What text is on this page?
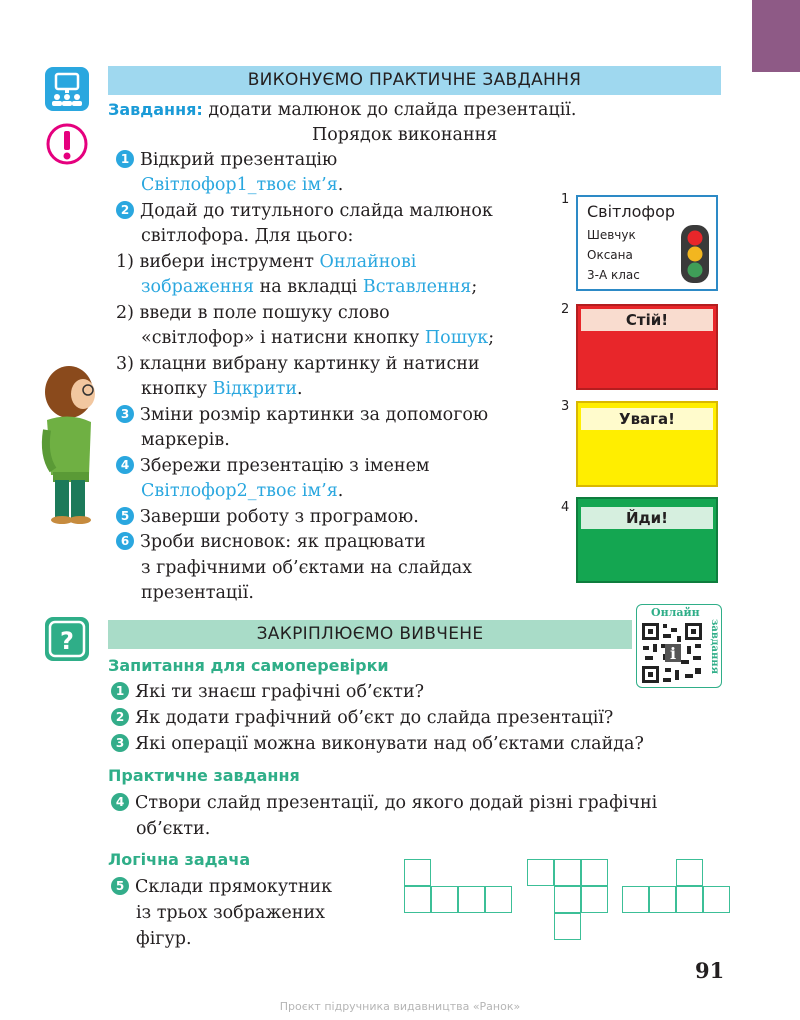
ВИКОНУЄМО ПРАКТИЧНЕ ЗАВДАННЯ
Завдання: додати малюнок до слайда презентації.
Порядок виконання
1 Відкрий презентацію
Світлофор1_твоє ім’я.
2 Додай до титульного слайда малюнок
світлофора. Для цього:
1) вибери інструмент Онлайнові
зображення на вкладці Вставлення;
2) введи в поле пошуку слово
«світлофор» і натисни кнопку Пошук;
3) клацни вибрану картинку й натисни
кнопку Відкрити.
3 Зміни розмір картинки за допомогою
маркерів.
4 Збережи презентацію з іменем
Світлофор2_твоє ім’я.
5 Заверши роботу з програмою.
6 Зроби висновок: як працювати
з графічними об’єктами на слайдах
презентації.
1
Світлофор
Шевчук
Оксана
3-А клас
2
Стій!
3
Увага!
4
Йди!
?	ЗАКРІПЛЮЄМО ВИВЧЕНЕ
Онлайн
завдання
i
Запитання для самоперевірки
1 Які ти знаєш графічні об’єкти?
2 Як додати графічний об’єкт до слайда презентації?
3 Які операції можна виконувати над об’єктами слайда?
Практичне завдання
4 Створи слайд презентації, до якого додай різні графічні
об’єкти.
Логічна задача
5 Склади прямокутник
із трьох зображених
фігур.
91
Проєкт підручника видавництва «Ранок»
